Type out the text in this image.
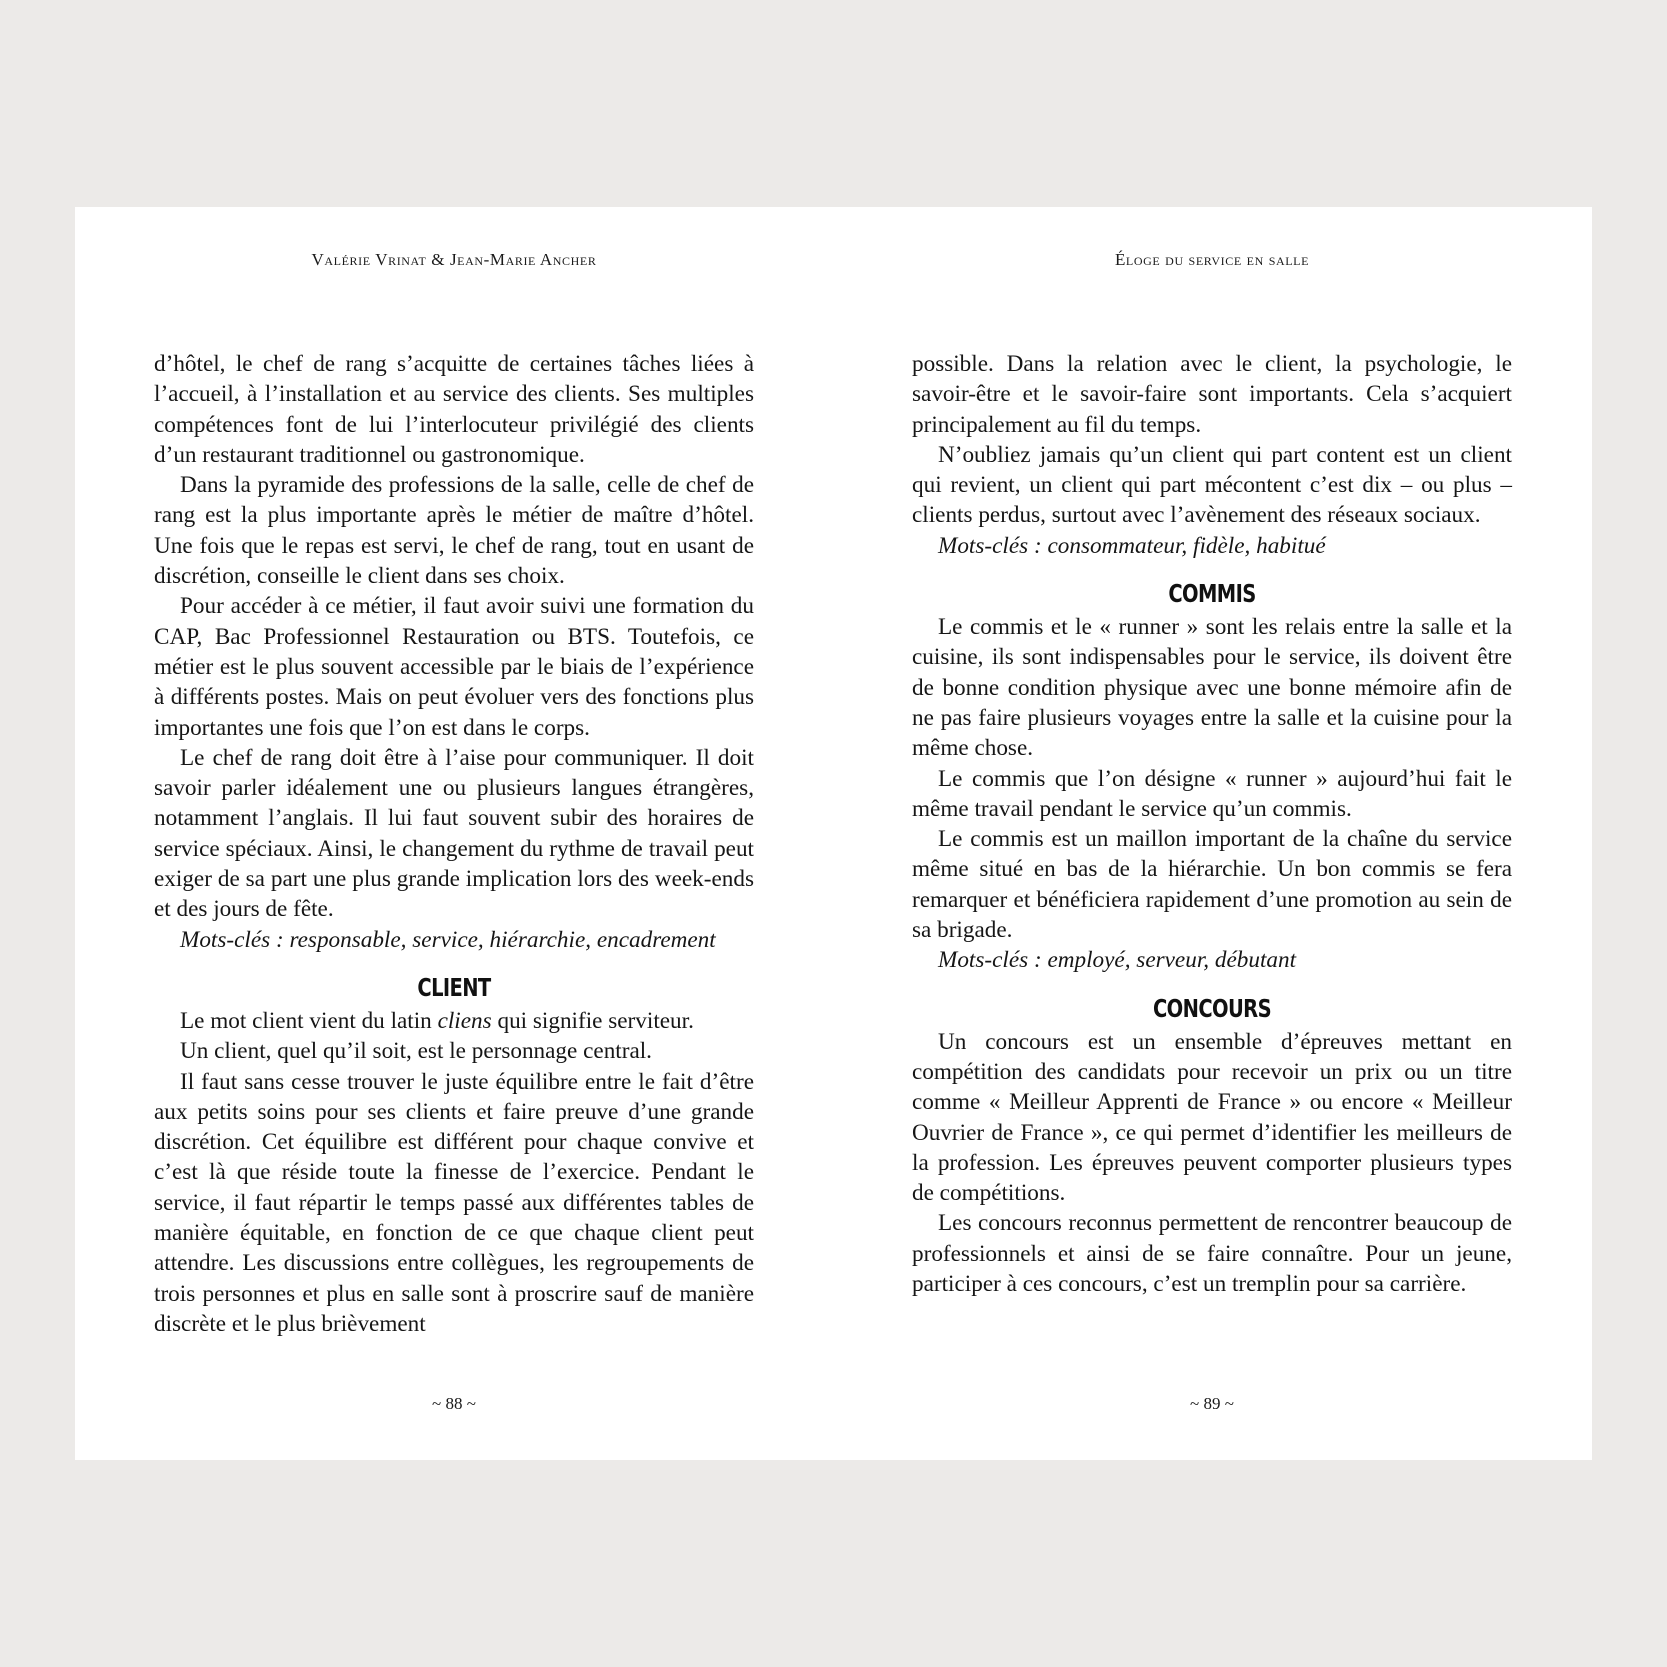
Valérie Vrinat & Jean-Marie Ancher

d’hôtel, le chef de rang s’acquitte de certaines tâches liées à l’accueil, à l’installation et au service des clients. Ses multiples compétences font de lui l’interlocuteur privilégié des clients d’un restaurant traditionnel ou gastronomique.

Dans la pyramide des professions de la salle, celle de chef de rang est la plus importante après le métier de maître d’hôtel. Une fois que le repas est servi, le chef de rang, tout en usant de discrétion, conseille le client dans ses choix.

Pour accéder à ce métier, il faut avoir suivi une formation du CAP, Bac Professionnel Restauration ou BTS. Toutefois, ce métier est le plus souvent accessible par le biais de l’expérience à différents postes. Mais on peut évoluer vers des fonctions plus importantes une fois que l’on est dans le corps.

Le chef de rang doit être à l’aise pour communiquer. Il doit savoir parler idéalement une ou plusieurs langues étrangères, notamment l’anglais. Il lui faut souvent subir des horaires de service spéciaux. Ainsi, le changement du rythme de travail peut exiger de sa part une plus grande implication lors des week-ends et des jours de fête.

Mots-clés : responsable, service, hiérarchie, encadrement

CLIENT

Le mot client vient du latin cliens qui signifie serviteur.

Un client, quel qu’il soit, est le personnage central.

Il faut sans cesse trouver le juste équilibre entre le fait d’être aux petits soins pour ses clients et faire preuve d’une grande discrétion. Cet équilibre est différent pour chaque convive et c’est là que réside toute la finesse de l’exercice. Pendant le service, il faut répartir le temps passé aux différentes tables de manière équitable, en fonction de ce que chaque client peut attendre. Les discussions entre collègues, les regroupements de trois personnes et plus en salle sont à proscrire sauf de manière discrète et le plus brièvement

~ 88 ~
Éloge du service en salle

possible. Dans la relation avec le client, la psychologie, le savoir-être et le savoir-faire sont importants. Cela s’acquiert principalement au fil du temps.

N’oubliez jamais qu’un client qui part content est un client qui revient, un client qui part mécontent c’est dix – ou plus – clients perdus, surtout avec l’avènement des réseaux sociaux.

Mots-clés : consommateur, fidèle, habitué

COMMIS

Le commis et le « runner » sont les relais entre la salle et la cuisine, ils sont indispensables pour le service, ils doivent être de bonne condition physique avec une bonne mémoire afin de ne pas faire plusieurs voyages entre la salle et la cuisine pour la même chose.

Le commis que l’on désigne « runner » aujourd’hui fait le même travail pendant le service qu’un commis.

Le commis est un maillon important de la chaîne du service même situé en bas de la hiérarchie. Un bon commis se fera remarquer et bénéficiera rapidement d’une promotion au sein de sa brigade.

Mots-clés : employé, serveur, débutant

CONCOURS

Un concours est un ensemble d’épreuves mettant en compétition des candidats pour recevoir un prix ou un titre comme « Meilleur Apprenti de France » ou encore « Meilleur Ouvrier de France », ce qui permet d’identifier les meilleurs de la profession. Les épreuves peuvent comporter plusieurs types de compétitions.

Les concours reconnus permettent de rencontrer beaucoup de professionnels et ainsi de se faire connaître. Pour un jeune, participer à ces concours, c’est un tremplin pour sa carrière.

~ 89 ~
